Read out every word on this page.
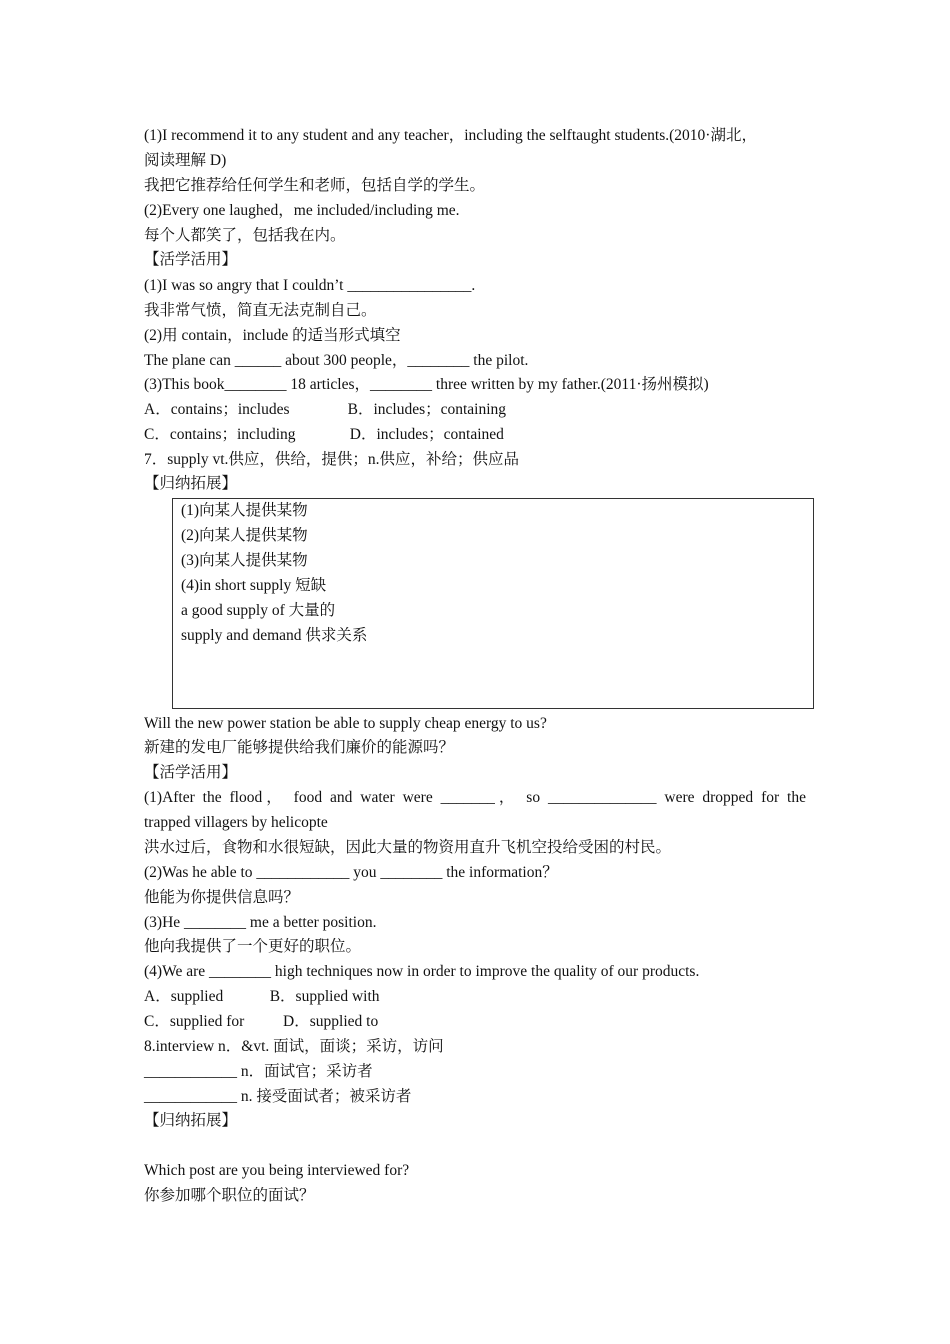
(1)I recommend it to any student and any teacher，including the selftaught students.(2010·湖北，
阅读理解 D)
我把它推荐给任何学生和老师，包括自学的学生。
(2)Every one laughed，me included/including me.
每个人都笑了，包括我在内。
【活学活用】
(1)I was so angry that I couldn’t ________________.
我非常气愤，简直无法克制自己。
(2)用 contain，include 的适当形式填空
The plane can ______ about 300 people，________ the pilot.
(3)This book________ 18 articles，________ three written by my father.(2011·扬州模拟)
A．contains；includes               B．includes；containing
C．contains；including              D．includes；contained
7．supply vt.供应，供给，提供；n.供应，补给；供应品
【归纳拓展】
(1)向某人提供某物
(2)向某人提供某物
(3)向某人提供某物
(4)in short supply 短缺
a good supply of 大量的
supply and demand 供求关系
Will the new power station be able to supply cheap energy to us?
新建的发电厂能够提供给我们廉价的能源吗？
【活学活用】
(1)After the flood， food and water were _______， so ______________ were dropped for the
trapped villagers by helicopte
洪水过后，食物和水很短缺，因此大量的物资用直升飞机空投给受困的村民。
(2)Was he able to ____________ you ________ the information？
他能为你提供信息吗？
(3)He ________ me a better position.
他向我提供了一个更好的职位。
(4)We are ________ high techniques now in order to improve the quality of our products.
A．supplied            B．supplied with
C．supplied for          D．supplied to
8.interview n．&vt. 面试，面谈；采访，访问
____________ n．面试官；采访者
____________ n. 接受面试者；被采访者
【归纳拓展】
Which post are you being interviewed for?
你参加哪个职位的面试？
